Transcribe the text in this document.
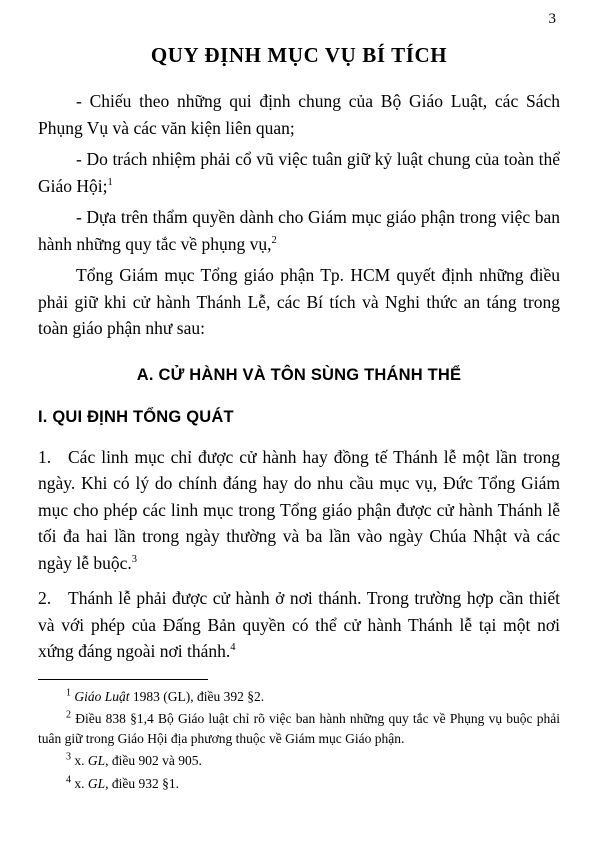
3
QUY ĐỊNH MỤC VỤ BÍ TÍCH

- Chiếu theo những qui định chung của Bộ Giáo Luật, các Sách Phụng Vụ và các văn kiện liên quan;

- Do trách nhiệm phải cổ vũ việc tuân giữ kỷ luật chung của toàn thể Giáo Hội;$^1$

- Dựa trên thẩm quyền dành cho Giám mục giáo phận trong việc ban hành những quy tắc về phụng vụ,$^2$

Tổng Giám mục Tổng giáo phận Tp. HCM quyết định những điều phải giữ khi cử hành Thánh Lễ, các Bí tích và Nghi thức an táng trong toàn giáo phận như sau:

A. CỬ HÀNH VÀ TÔN SÙNG THÁNH THỂ
I. QUI ĐỊNH TỔNG QUÁT

1. Các linh mục chỉ được cử hành hay đồng tế Thánh lễ một lần trong ngày. Khi có lý do chính đáng hay do nhu cầu mục vụ, Đức Tổng Giám mục cho phép các linh mục trong Tổng giáo phận được cử hành Thánh lễ tối đa hai lần trong ngày thường và ba lần vào ngày Chúa Nhật và các ngày lễ buộc.$^3$

2. Thánh lễ phải được cử hành ở nơi thánh. Trong trường hợp cần thiết và với phép của Đấng Bản quyền có thể cử hành Thánh lễ tại một nơi xứng đáng ngoài nơi thánh.$^4$

$^1$ Giáo Luật 1983 (GL), điều 392 §2.

$^2$ Điều 838 §1,4 Bộ Giáo luật chỉ rõ việc ban hành những quy tắc về Phụng vụ buộc phải tuân giữ trong Giáo Hội địa phương thuộc về Giám mục Giáo phận.

$^3$ x. GL, điều 902 và 905.

$^4$ x. GL, điều 932 §1.
